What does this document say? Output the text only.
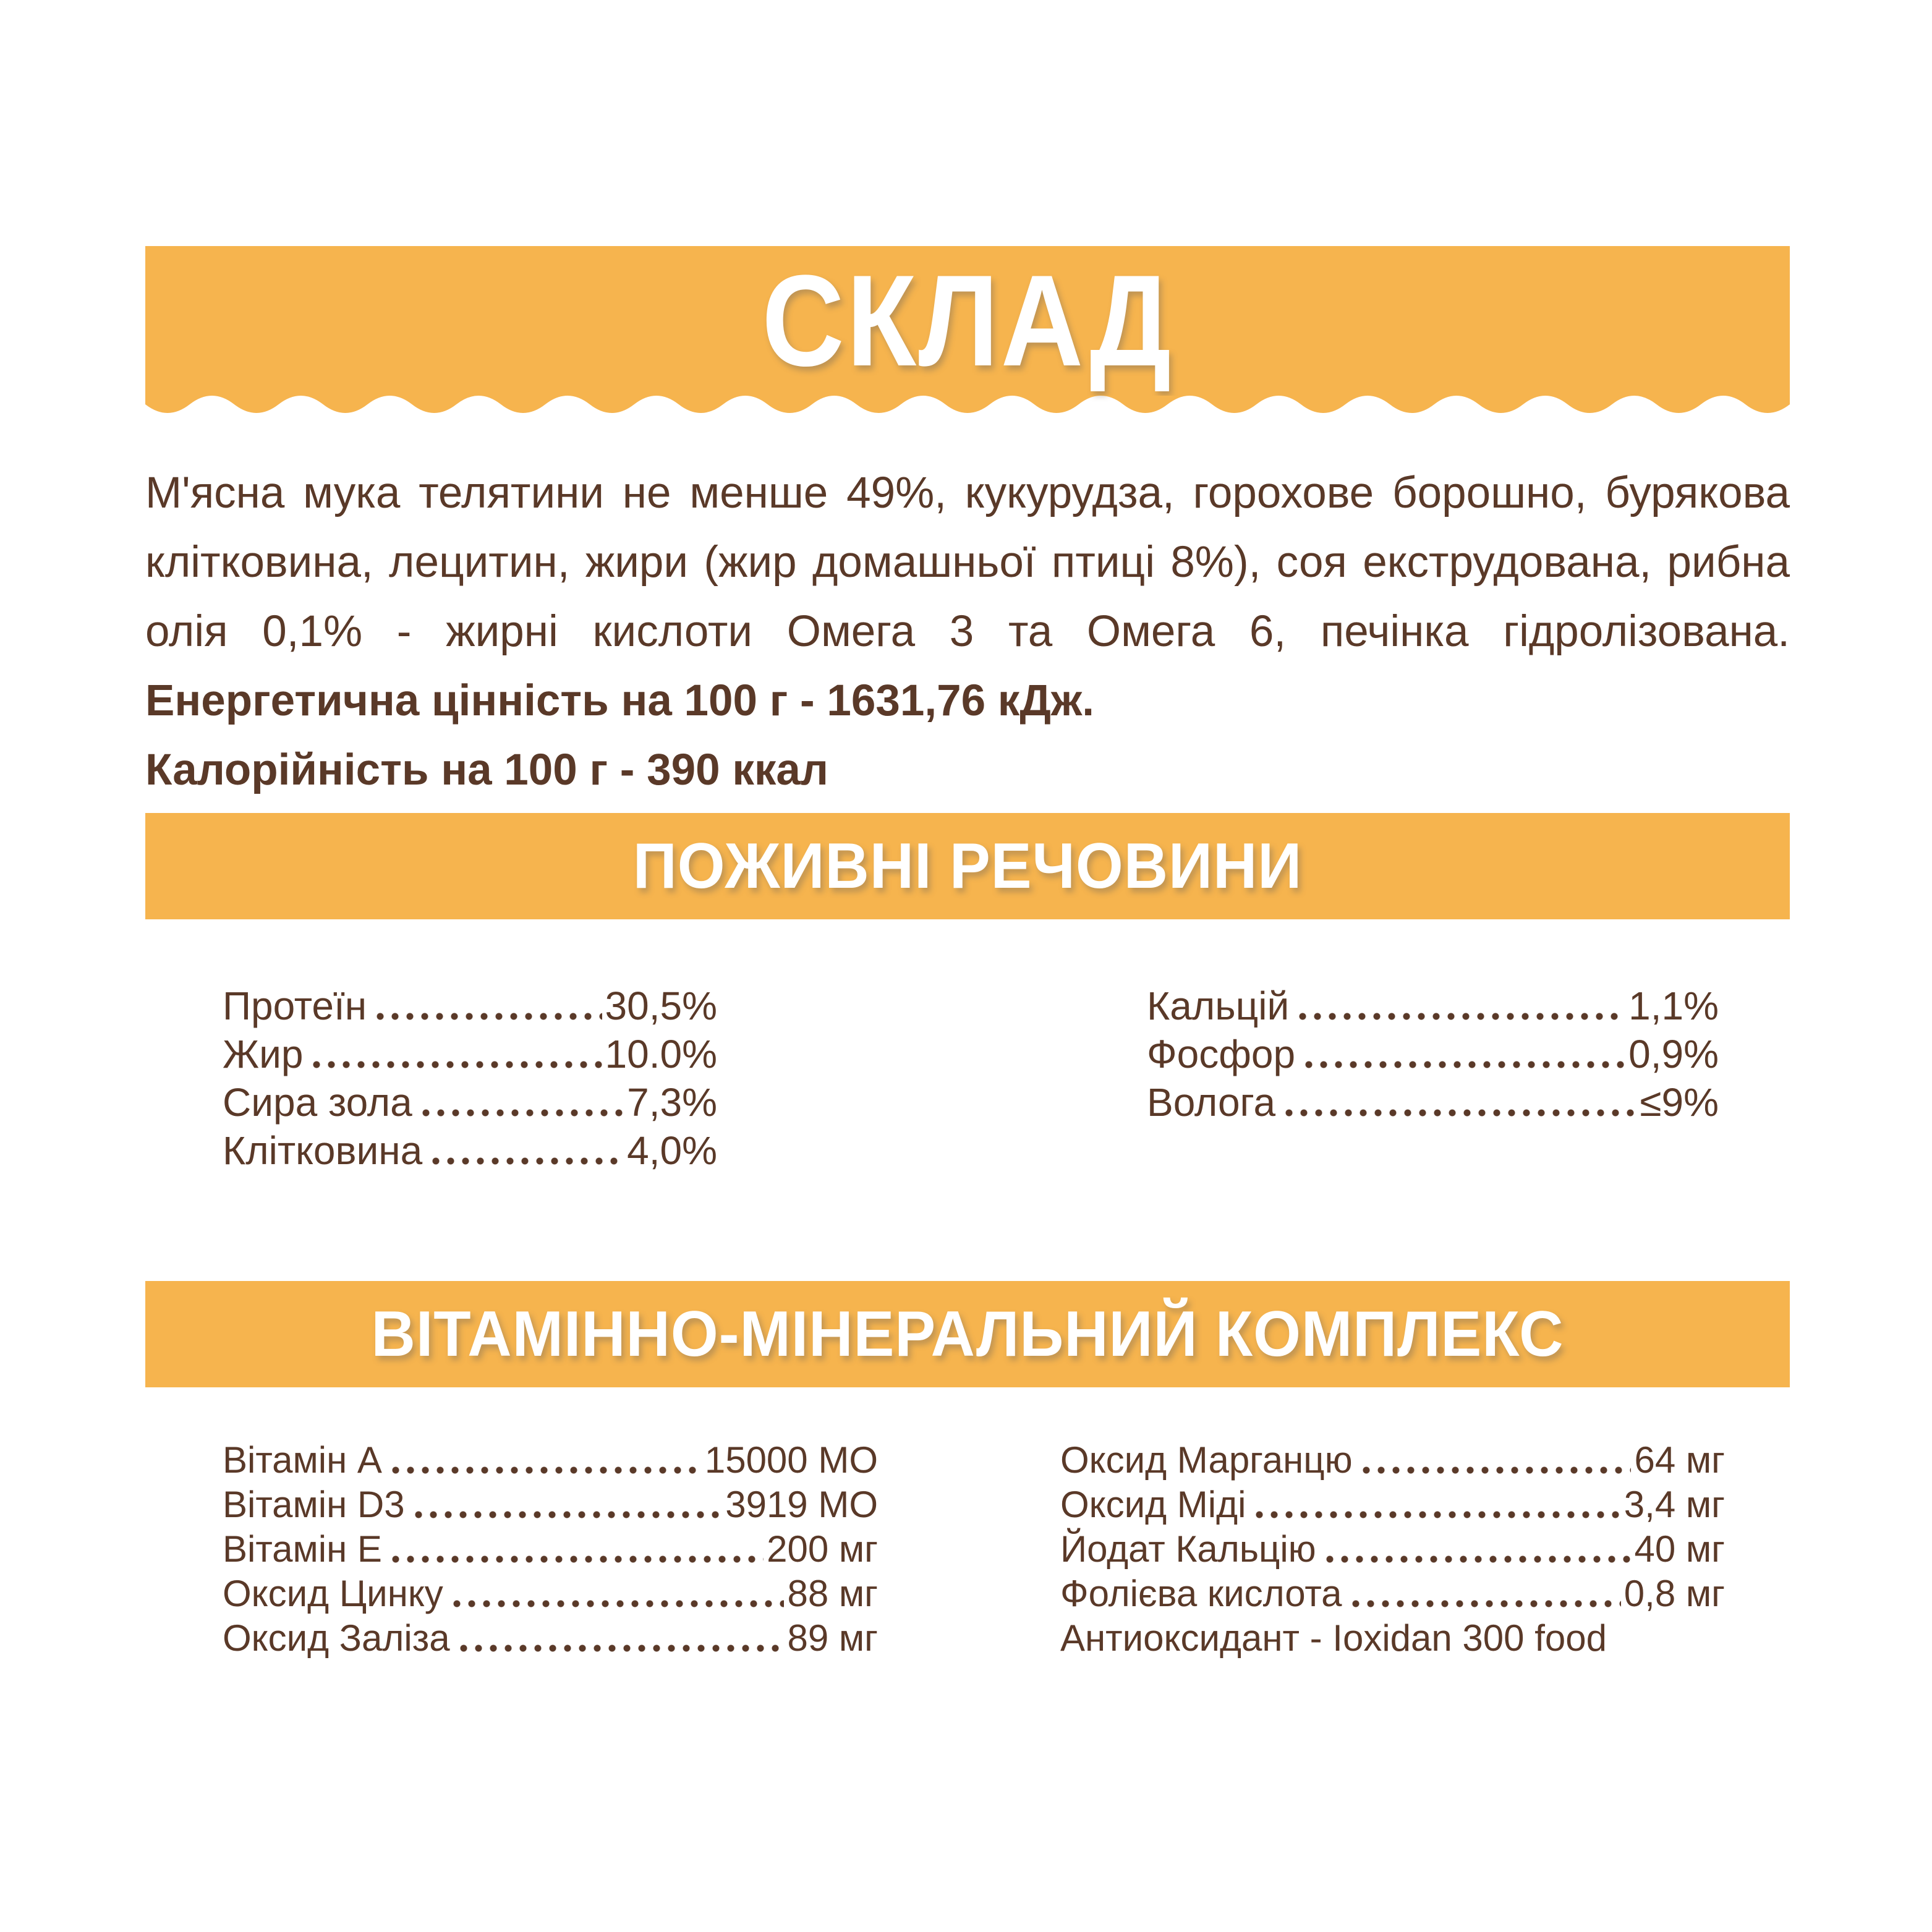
СКЛАД

М'ясна мука телятини не менше 49%, кукурудза, горохове борошно, бурякова клітковина, лецитин, жири (жир домашньої птиці 8%), соя екструдована, рибна олія 0,1% - жирні кислоти Омега 3 та Омега 6, печінка гідролізована. Енергетична цінність на 100 г - 1631,76 кДж.
Калорійність на 100 г - 390 ккал

ПОЖИВНІ РЕЧОВИНИ
Протеїн	30,5%
Жир	10.0%
Сира зола	7,3%
Клітковина	4,0%
Кальцій	1,1%
Фосфор	0,9%
Волога	≤9%
ВІТАМІННО-МІНЕРАЛЬНИЙ КОМПЛЕКС
Вітамін А	15000 МО
Вітамін D3	3919 МО
Вітамін Е	200 мг
Оксид Цинку	88 мг
Оксид Заліза	89 мг
Оксид Марганцю	64 мг
Оксид Міді	3,4 мг
Йодат Кальцію	40 мг
Фолієва кислота	0,8 мг
Антиоксидант - Ioxidan 300 food
